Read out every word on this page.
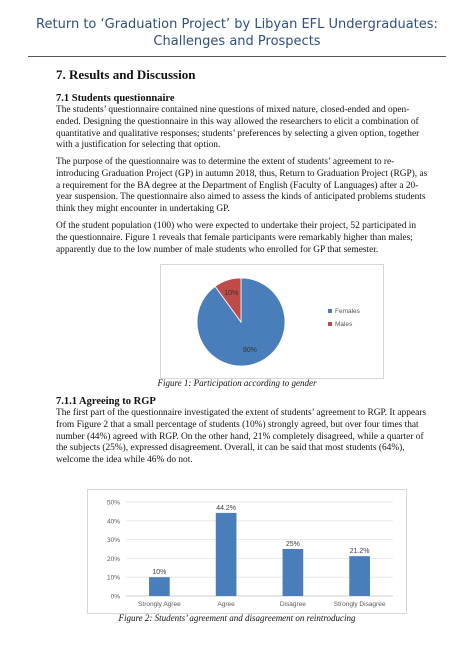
Return to ‘Graduation Project’ by Libyan EFL Undergraduates:
Challenges and Prospects
7. Results and Discussion
7.1 Students questionnaire

The students’ questionnaire contained nine questions of mixed nature, closed-ended and open-ended. Designing the questionnaire in this way allowed the researchers to elicit a combination of quantitative and qualitative responses; students’ preferences by selecting a given option, together with a justification for selecting that option.

The purpose of the questionnaire was to determine the extent of students’ agreement to re-introducing Graduation Project (GP) in autumn 2018, thus, Return to Graduation Project (RGP), as a requirement for the BA degree at the Department of English (Faculty of Languages) after a 20-year suspension. The questionnaire also aimed to assess the kinds of anticipated problems students think they might encounter in undertaking GP.

Of the student population (100) who were expected to undertake their project, 52 participated in the questionnaire. Figure 1 reveals that female participants were remarkably higher than males; apparently due to the low number of male students who enrolled for GP that semester.

90%
10%
Females
Males
Figure 1: Participation according to gender
7.1.1 Agreeing to RGP

The first part of the questionnaire investigated the extent of students’ agreement to RGP. It appears from Figure 2 that a small percentage of students (10%) strongly agreed, but over four times that number (44%) agreed with RGP. On the other hand, 21% completely disagreed, while a quarter of the subjects (25%), expressed disagreement. Overall, it can be said that most students (64%), welcome the idea while 46% do not.

0%
10%
20%
30%
40%
50%
10%
Strongly Agree
44.2%
Agree
25%
Disagree
21.2%
Strongly Disagree
Figure 2: Students’ agreement and disagreement on reintroducing
